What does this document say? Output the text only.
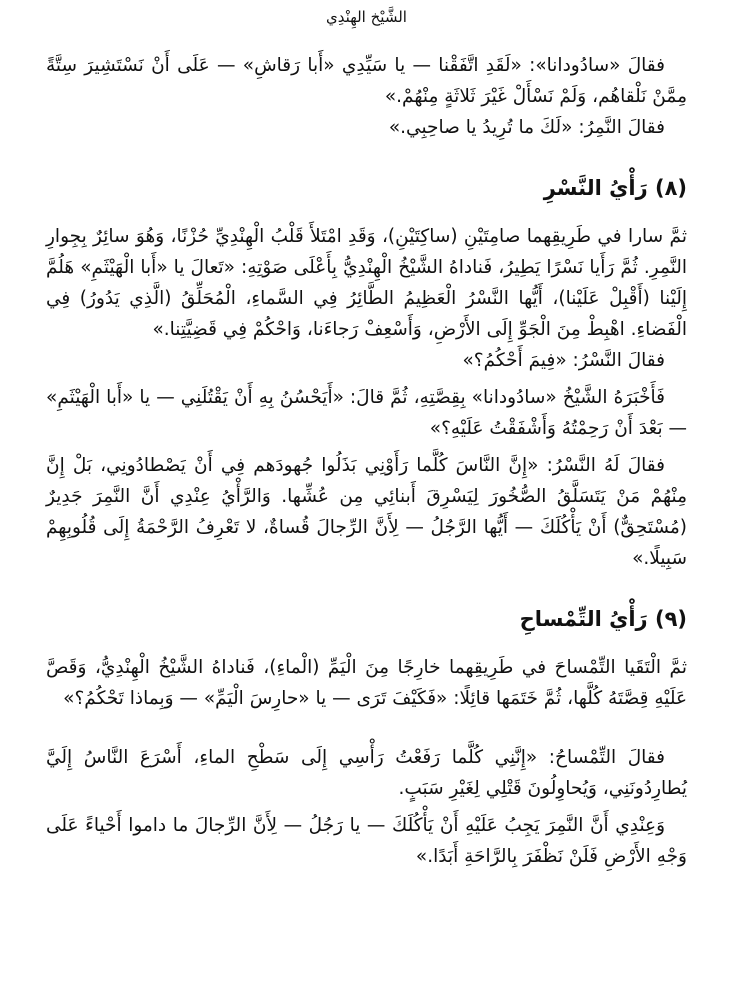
الشَّيْخ الهِنْدِي

فقالَ «سادُودانا»: «لَقَدِ اتَّفَقْنا — يا سَيِّدِي «أَبا رَقاشِ» — عَلَى أَنْ نَسْتَشِيرَ سِتَّةً مِمَّنْ نَلْقاهُم، وَلَمْ نَسْأَلْ غَيْرَ ثَلاثَةٍ مِنْهُمْ.»

فقالَ النَّمِرُ: «لَكَ ما تُرِيدُ يا صاحِبِي.»

(٨) رَأْيُ النَّسْرِ

ثمَّ سارا في طَرِيقِهما صامِتَيْنِ (ساكِتَيْنِ)، وَقَدِ امْتَلأَ قَلْبُ الْهِنْدِيِّ حُزْنًا، وَهُوَ سائِرٌ بِجِوارِ النَّمِرِ. ثُمَّ رَأَيا نَسْرًا يَطِيرُ، فَناداهُ الشَّيْخُ الْهِنْدِيُّ بِأَعْلَى صَوْتِهِ: «تَعالَ يا «أَبا الْهَيْثَمِ» هَلُمَّ إِلَيْنا (أَقْبِلْ عَلَيْنا)، أَيُّها النَّسْرُ الْعَظِيمُ الطَّائِرُ فِي السَّماءِ، الْمُحَلِّقُ (الَّذِي يَدُورُ) فِي الْفَضاءِ. اهْبِطْ مِنَ الْجَوِّ إِلَى الأَرْضِ، وَأَسْعِفْ رَجاءَنا، وَاحْكُمْ فِي قَضِيَّتِنا.»

فقالَ النَّسْرُ: «فِيمَ أَحْكُمُ؟»

فَأَخْبَرَهُ الشَّيْخُ «سادُودانا» بِقِصَّتِهِ، ثُمَّ قالَ: «أَيَحْسُنُ بِهِ أَنْ يَقْتُلَنِي — يا «أَبا الْهَيْثَمِ» — بَعْدَ أَنْ رَحِمْتُهُ وَأَشْفَقْتُ عَلَيْهِ؟»

فقالَ لَهُ النَّسْرُ: «إِنَّ النَّاسَ كُلَّما رَأَوْنِي بَذَلُوا جُهودَهم فِي أَنْ يَصْطادُونِي، بَلْ إِنَّ مِنْهُمْ مَنْ يَتَسَلَّقُ الصُّخُورَ لِيَسْرِقَ أَبنائِي مِن عُشِّها. وَالرَّأْيُ عِنْدِي أَنَّ النَّمِرَ جَدِيرٌ (مُسْتَحِقٌّ) أَنْ يَأْكُلَكَ — أَيُّها الرَّجُلُ — لِأَنَّ الرِّجالَ قُساةٌ، لا تَعْرِفُ الرَّحْمَةُ إِلَى قُلُوبِهِمْ سَبِيلًا.»

(٩) رَأْيُ التِّمْساحِ

ثمَّ الْتَقَيا التِّمْساحَ في طَرِيقِهما خارِجًا مِنَ الْيَمِّ (الْماءِ)، فَناداهُ الشَّيْخُ الْهِنْدِيُّ، وَقَصَّ عَلَيْهِ قِصَّتَهُ كُلَّها، ثُمَّ خَتَمَها قائِلًا: «فَكَيْفَ تَرَى — يا «حارِسَ الْيَمِّ» — وَبِماذا تَحْكُمُ؟»

فقالَ التِّمْساحُ: «إِنَّنِي كُلَّما رَفَعْتُ رَأْسِي إِلَى سَطْحِ الماءِ، أَسْرَعَ النَّاسُ إِلَيَّ يُطارِدُونَنِي، وَيُحاوِلُونَ قَتْلِي لِغَيْرِ سَبَبٍ.

وَعِنْدِي أَنَّ النَّمِرَ يَجِبُ عَلَيْهِ أَنْ يَأْكُلَكَ — يا رَجُلُ — لِأَنَّ الرِّجالَ ما داموا أَحْياءً عَلَى وَجْهِ الأَرْضِ فَلَنْ نَظْفَرَ بِالرَّاحَةِ أَبَدًا.»
